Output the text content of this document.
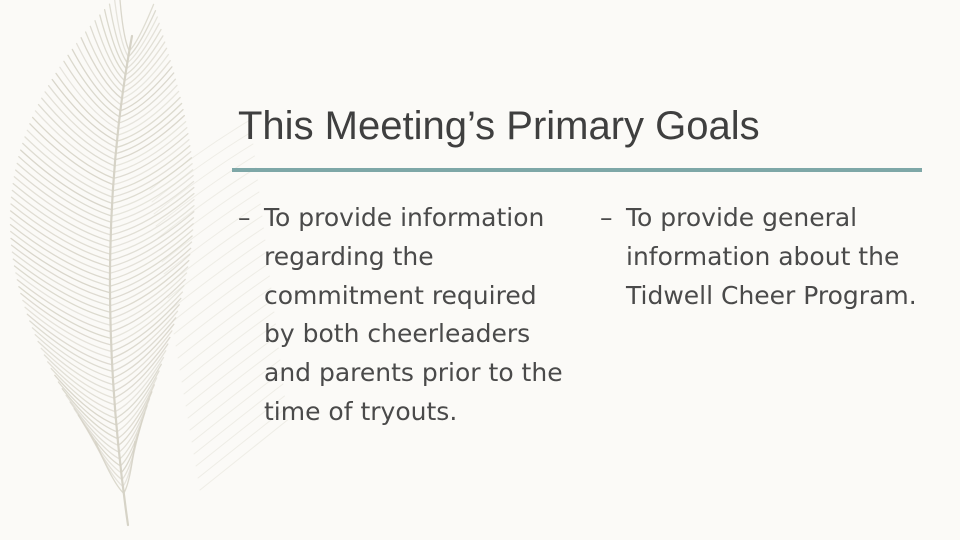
This Meeting’s Primary Goals
– To provide information regarding the commitment required by both cheerleaders and parents prior to the time of tryouts.
– To provide general information about the Tidwell Cheer Program.
